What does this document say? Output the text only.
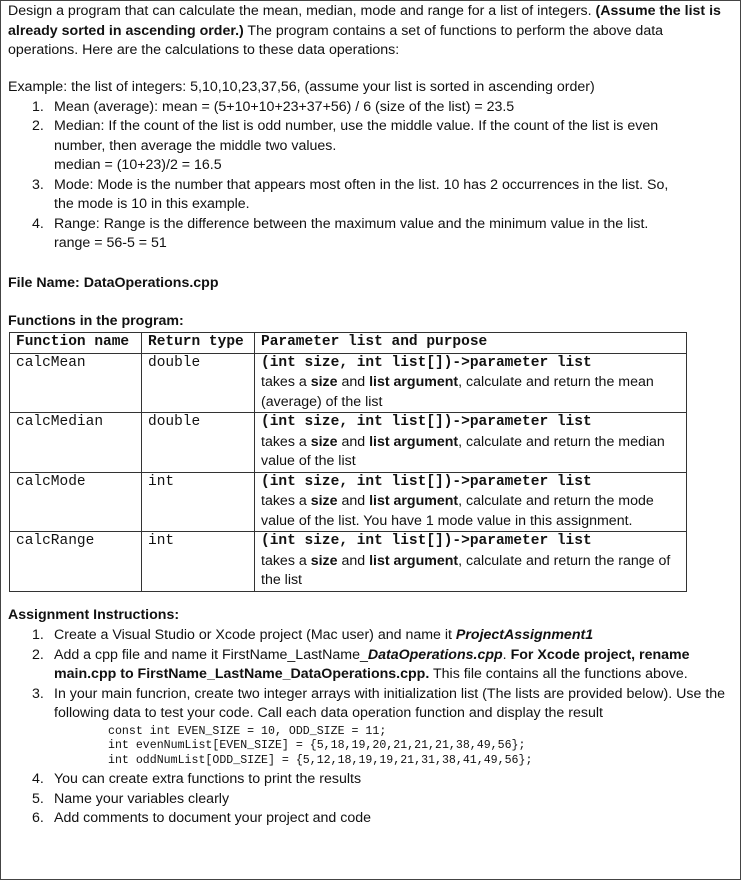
Design a program that can calculate the mean, median, mode and range for a list of integers. (Assume the list is already sorted in ascending order.) The program contains a set of functions to perform the above data operations. Here are the calculations to these data operations:
Example: the list of integers: 5,10,10,23,37,56, (assume your list is sorted in ascending order)
1. Mean (average): mean = (5+10+10+23+37+56) / 6 (size of the list) = 23.5
2. Median: If the count of the list is odd number, use the middle value. If the count of the list is even
number, then average the middle two values.
median = (10+23)/2 = 16.5
3. Mode: Mode is the number that appears most often in the list. 10 has 2 occurrences in the list. So,
the mode is 10 in this example.
4. Range: Range is the difference between the maximum value and the minimum value in the list.
range = 56-5 = 51
File Name: DataOperations.cpp
Functions in the program:
Function name	Return type	Parameter list and purpose
calcMean	double	(int size, int list[])->parameter list
takes a size and list argument, calculate and return the mean (average) of the list

calcMedian	double	(int size, int list[])->parameter list
takes a size and list argument, calculate and return the median value of the list

calcMode	int	(int size, int list[])->parameter list
takes a size and list argument, calculate and return the mode value of the list. You have 1 mode value in this assignment.

calcRange	int	(int size, int list[])->parameter list
takes a size and list argument, calculate and return the range of the list
Assignment Instructions:
1. Create a Visual Studio or Xcode project (Mac user) and name it ProjectAssignment1
2. Add a cpp file and name it FirstName_LastName_DataOperations.cpp. For Xcode project, rename main.cpp to FirstName_LastName_DataOperations.cpp. This file contains all the functions above.
3. In your main funcrion, create two integer arrays with initialization list (The lists are provided below). Use the following data to test your code. Call each data operation function and display the result
const int EVEN_SIZE = 10, ODD_SIZE = 11;
int evenNumList[EVEN_SIZE] = {5,18,19,20,21,21,21,38,49,56};
int oddNumList[ODD_SIZE] = {5,12,18,19,19,21,31,38,41,49,56};
4. You can create extra functions to print the results
5. Name your variables clearly
6. Add comments to document your project and code
